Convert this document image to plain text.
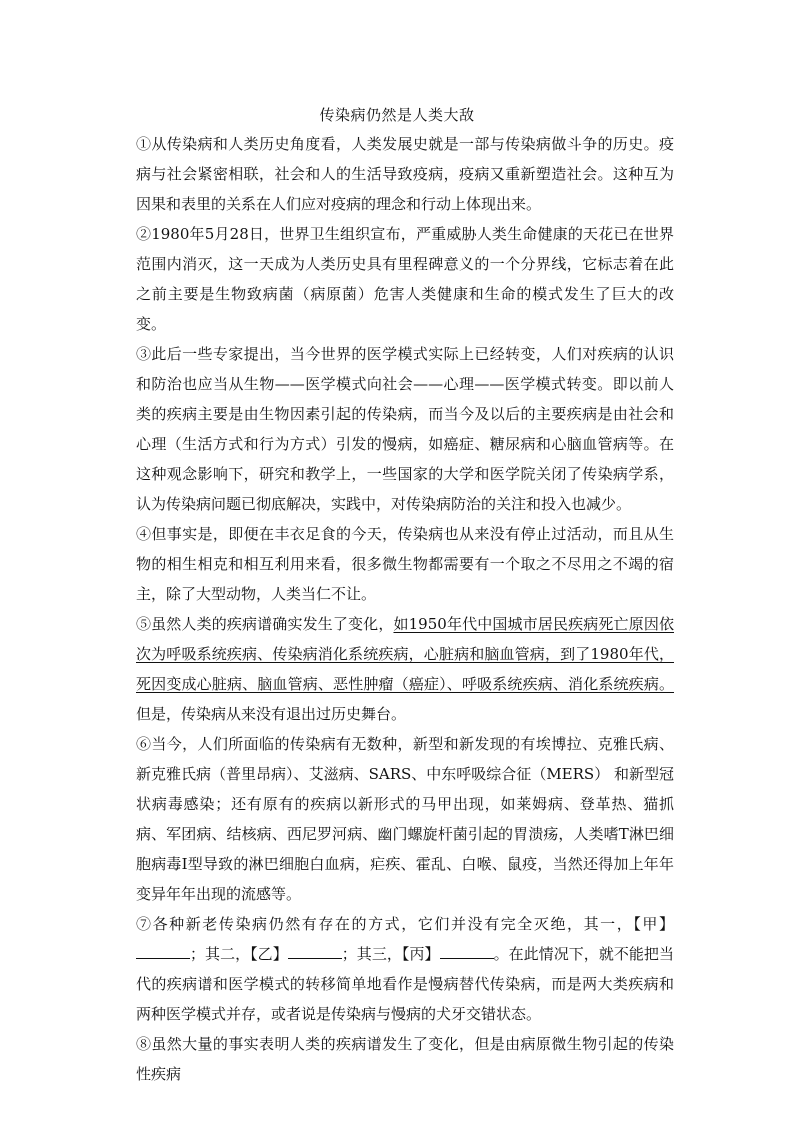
传染病仍然是人类大敌

①从传染病和人类历史角度看，人类发展史就是一部与传染病做斗争的历史。疫病与社会紧密相联，社会和人的生活导致疫病，疫病又重新塑造社会。这种互为因果和表里的关系在人们应对疫病的理念和行动上体现出来。

②1980年5月28日，世界卫生组织宣布，严重威胁人类生命健康的天花已在世界范围内消灭，这一天成为人类历史具有里程碑意义的一个分界线，它标志着在此之前主要是生物致病菌（病原菌）危害人类健康和生命的模式发生了巨大的改变。

③此后一些专家提出，当今世界的医学模式实际上已经转变，人们对疾病的认识和防治也应当从生物——医学模式向社会——心理——医学模式转变。即以前人类的疾病主要是由生物因素引起的传染病，而当今及以后的主要疾病是由社会和心理（生活方式和行为方式）引发的慢病，如癌症、糖尿病和心脑血管病等。在这种观念影响下，研究和教学上，一些国家的大学和医学院关闭了传染病学系，认为传染病问题已彻底解决，实践中，对传染病防治的关注和投入也减少。

④但事实是，即便在丰衣足食的今天，传染病也从来没有停止过活动，而且从生物的相生相克和相互利用来看，很多微生物都需要有一个取之不尽用之不竭的宿主，除了大型动物，人类当仁不让。

⑤虽然人类的疾病谱确实发生了变化，如1950年代中国城市居民疾病死亡原因依次为呼吸系统疾病、传染病消化系统疾病，心脏病和脑血管病，到了1980年代，死因变成心脏病、脑血管病、恶性肿瘤（癌症）、呼吸系统疾病、消化系统疾病。但是，传染病从来没有退出过历史舞台。

⑥当今，人们所面临的传染病有无数种，新型和新发现的有埃博拉、克雅氏病、新克雅氏病（普里昂病）、艾滋病、SARS、中东呼吸综合征（MERS） 和新型冠状病毒感染；还有原有的疾病以新形式的马甲出现，如莱姆病、登革热、猫抓病、军团病、结核病、西尼罗河病、幽门螺旋杆菌引起的胃溃疡，人类嗜T淋巴细胞病毒Ⅰ型导致的淋巴细胞白血病，疟疾、霍乱、白喉、鼠疫，当然还得加上年年变异年年出现的流感等。

⑦各种新老传染病仍然有存在的方式，它们并没有完全灭绝，其一，【甲】；其二，【乙】	；其三，【丙】	。在此情况下，就不能把当代的疾病谱和医学模式的转移简单地看作是慢病替代传染病，而是两大类疾病和两种医学模式并存，或者说是传染病与慢病的犬牙交错状态。

⑧虽然大量的事实表明人类的疾病谱发生了变化，但是由病原微生物引起的传染性疾病
